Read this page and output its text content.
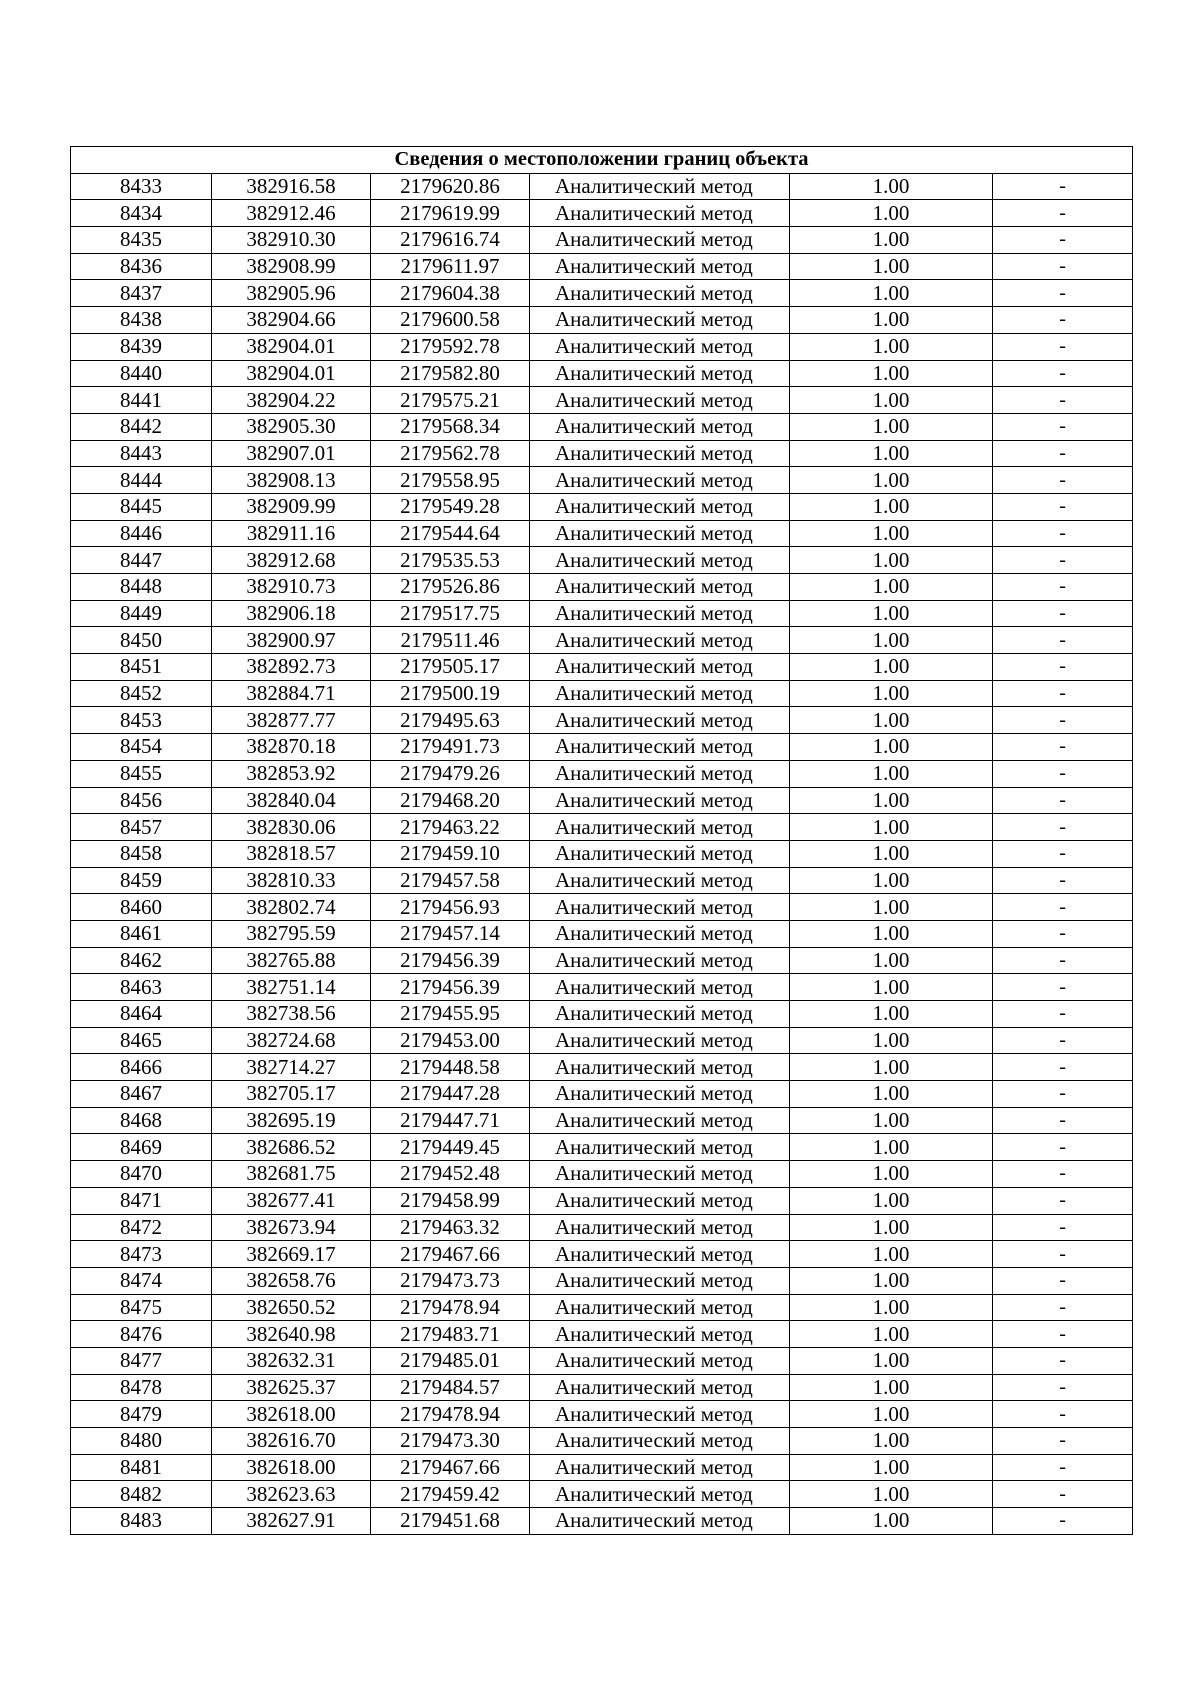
Сведения о местоположении границ объекта					
8433	382916.58	2179620.86	Аналитический метод	1.00	-
8434	382912.46	2179619.99	Аналитический метод	1.00	-
8435	382910.30	2179616.74	Аналитический метод	1.00	-
8436	382908.99	2179611.97	Аналитический метод	1.00	-
8437	382905.96	2179604.38	Аналитический метод	1.00	-
8438	382904.66	2179600.58	Аналитический метод	1.00	-
8439	382904.01	2179592.78	Аналитический метод	1.00	-
8440	382904.01	2179582.80	Аналитический метод	1.00	-
8441	382904.22	2179575.21	Аналитический метод	1.00	-
8442	382905.30	2179568.34	Аналитический метод	1.00	-
8443	382907.01	2179562.78	Аналитический метод	1.00	-
8444	382908.13	2179558.95	Аналитический метод	1.00	-
8445	382909.99	2179549.28	Аналитический метод	1.00	-
8446	382911.16	2179544.64	Аналитический метод	1.00	-
8447	382912.68	2179535.53	Аналитический метод	1.00	-
8448	382910.73	2179526.86	Аналитический метод	1.00	-
8449	382906.18	2179517.75	Аналитический метод	1.00	-
8450	382900.97	2179511.46	Аналитический метод	1.00	-
8451	382892.73	2179505.17	Аналитический метод	1.00	-
8452	382884.71	2179500.19	Аналитический метод	1.00	-
8453	382877.77	2179495.63	Аналитический метод	1.00	-
8454	382870.18	2179491.73	Аналитический метод	1.00	-
8455	382853.92	2179479.26	Аналитический метод	1.00	-
8456	382840.04	2179468.20	Аналитический метод	1.00	-
8457	382830.06	2179463.22	Аналитический метод	1.00	-
8458	382818.57	2179459.10	Аналитический метод	1.00	-
8459	382810.33	2179457.58	Аналитический метод	1.00	-
8460	382802.74	2179456.93	Аналитический метод	1.00	-
8461	382795.59	2179457.14	Аналитический метод	1.00	-
8462	382765.88	2179456.39	Аналитический метод	1.00	-
8463	382751.14	2179456.39	Аналитический метод	1.00	-
8464	382738.56	2179455.95	Аналитический метод	1.00	-
8465	382724.68	2179453.00	Аналитический метод	1.00	-
8466	382714.27	2179448.58	Аналитический метод	1.00	-
8467	382705.17	2179447.28	Аналитический метод	1.00	-
8468	382695.19	2179447.71	Аналитический метод	1.00	-
8469	382686.52	2179449.45	Аналитический метод	1.00	-
8470	382681.75	2179452.48	Аналитический метод	1.00	-
8471	382677.41	2179458.99	Аналитический метод	1.00	-
8472	382673.94	2179463.32	Аналитический метод	1.00	-
8473	382669.17	2179467.66	Аналитический метод	1.00	-
8474	382658.76	2179473.73	Аналитический метод	1.00	-
8475	382650.52	2179478.94	Аналитический метод	1.00	-
8476	382640.98	2179483.71	Аналитический метод	1.00	-
8477	382632.31	2179485.01	Аналитический метод	1.00	-
8478	382625.37	2179484.57	Аналитический метод	1.00	-
8479	382618.00	2179478.94	Аналитический метод	1.00	-
8480	382616.70	2179473.30	Аналитический метод	1.00	-
8481	382618.00	2179467.66	Аналитический метод	1.00	-
8482	382623.63	2179459.42	Аналитический метод	1.00	-
8483	382627.91	2179451.68	Аналитический метод	1.00	-
